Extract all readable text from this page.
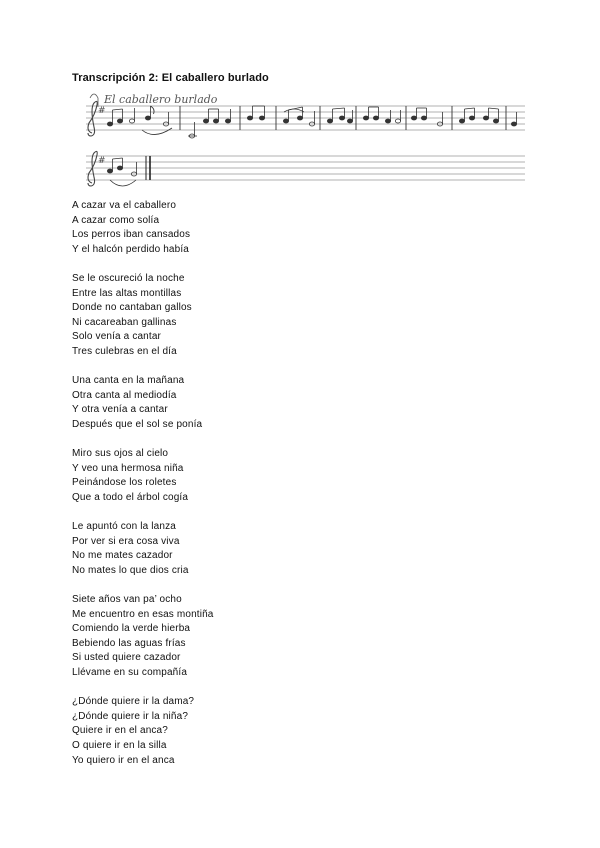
Transcripción 2: El caballero burlado
El caballero burlado
#
#
A cazar va el caballero
A cazar como solía
Los perros iban cansados
Y el halcón perdido había
Se le oscureció la noche
Entre las altas montillas
Donde no cantaban gallos
Ni cacareaban gallinas
Solo venía a cantar
Tres culebras en el día
Una canta en la mañana
Otra canta al mediodía
Y otra venía a cantar
Después que el sol se ponía
Miro sus ojos al cielo
Y veo una hermosa niña
Peinándose los roletes
Que a todo el árbol cogía
Le apuntó con la lanza
Por ver si era cosa viva
No me mates cazador
No mates lo que dios cria
Siete años van pa’ ocho
Me encuentro en esas montiña
Comiendo la verde hierba
Bebiendo las aguas frías
Si usted quiere cazador
Llévame en su compañía
¿Dónde quiere ir la dama?
¿Dónde quiere ir la niña?
Quiere ir en el anca?
O quiere ir en la silla
Yo quiero ir en el anca
